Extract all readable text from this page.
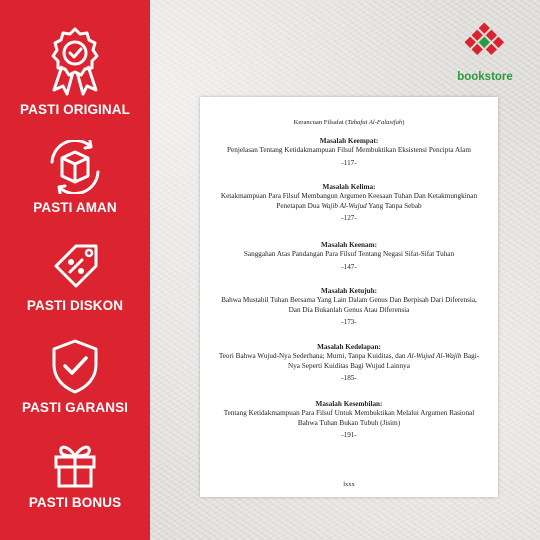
PASTI ORIGINAL
PASTI AMAN
PASTI DISKON
PASTI GARANSI
PASTI BONUS
bookstore
Kerancuan Filsafat (Tahafut Al-Falasifah)
Masalah Keempat:
Penjelasan Tentang Ketidakmampuan Filsuf Membuktikan Eksistensi Pencipta Alam
-117-
Masalah Kelima:
Ketakmampuan Para Filsuf Membangun Argumen Keesaan Tuhan Dan Ketakmungkinan Penetapan Dua Wajib Al-Wujud Yang Tanpa Sebab
-127-
Masalah Keenam:
Sanggahan Atas Pandangan Para Filsuf Tentang Negasi Sifat-Sifat Tuhan
-147-
Masalah Ketujuh:
Bahwa Mustahil Tuhan Bersama Yang Lain Dalam Genus Dan Berpisah Dari Diferensia, Dan Dia Bukanlah Genus Atau Diferensia
-173-
Masalah Kedelapan:
Teori Bahwa Wujud-Nya Sederhana; Murni, Tanpa Kuiditas, dan Al-Wujud Al-Wajib Bagi-Nya Seperti Kuiditas Bagi Wujud Lainnya
-185-
Masalah Kesembilan:
Tentang Ketidakmampuan Para Filsuf Untuk Membuktikan Melalui Argumen Rasional Bahwa Tuhan Bukan Tubuh (Jisim)
-191-
lxxx
